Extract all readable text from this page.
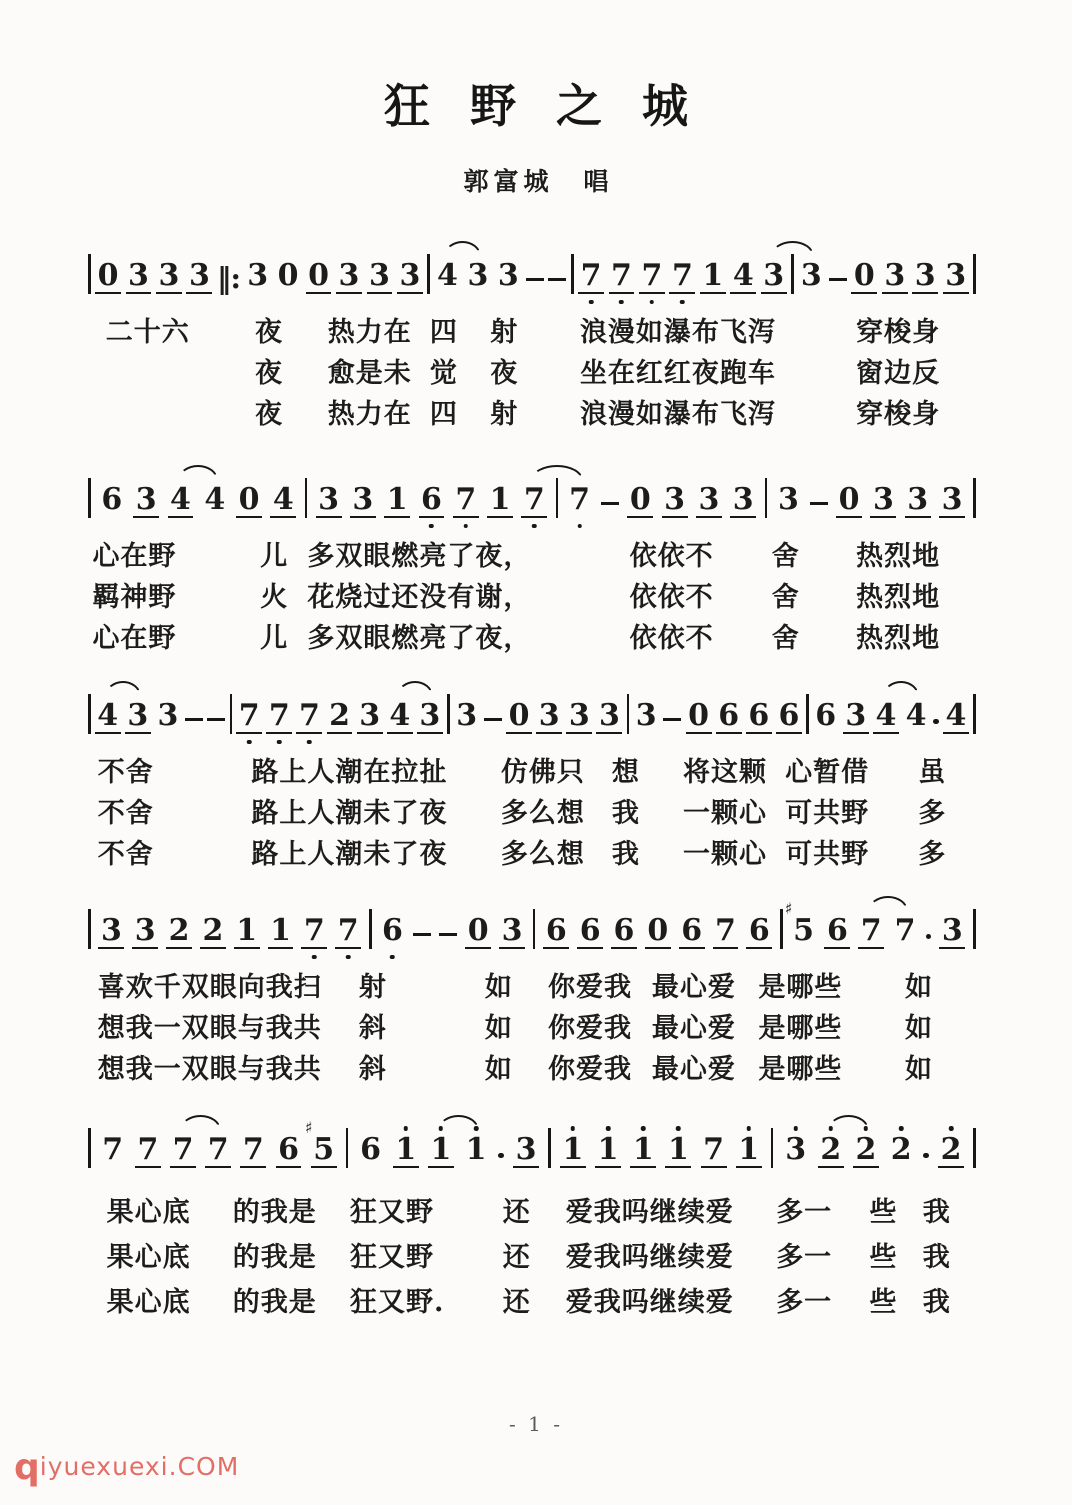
狂野之城
郭富城　唱
0 3 3 3 ‖: 3 0 0 3 3 3 4 3 3 7 7 7 7 1 4 3 3 0 3 3 3
二十六 夜 热力在 四 射 浪漫如瀑布飞泻	穿梭身
夜 愈是未 觉 夜 坐在红红夜跑车	窗边反
夜 热力在 四 射 浪漫如瀑布飞泻	穿梭身
6 3 4 4 0 4 3 3 1 6 7 1 7 7 0 3 3 3 3 0 3 3 3
心在野	儿 多双眼燃亮了夜，	依依不 舍 热烈地
羁神野	火 花烧过还没有谢，	依依不 舍 热烈地
心在野	儿 多双眼燃亮了夜，	依依不 舍 热烈地
4 3 3 7 7 7 2 3 4 3 3 0 3 3 3 3 0 6 6 6 6 3 4 4 4
不舍	路上人潮在拉扯 仿佛只 想 将这颗 心暂借 虽
不舍	路上人潮未了夜 多么想 我 一颗心 可共野 多
不舍	路上人潮未了夜 多么想 我 一颗心 可共野 多
3 3 2 2 1 1 7 7 6 0 3 6 6 6 0 6 7 6 5
♯
6 7 7 3
喜欢千双眼向我扫 射	如 你爱我 最心爱 是哪些 如
想我一双眼与我共 斜	如 你爱我 最心爱 是哪些 如
想我一双眼与我共 斜	如 你爱我 最心爱 是哪些 如
7 7 7 7 7 6 5
♯
6 1 1 1 3 1 1 1 1 7 1 3 2 2 2 2
果心底 的我是 狂又野	还 爱我吗继续爱 多一 些 我
果心底 的我是 狂又野	还 爱我吗继续爱 多一 些 我
果心底 的我是 狂又野. 还 爱我吗继续爱 多一 些 我
- 1 -
qiyuexuexi.COM
